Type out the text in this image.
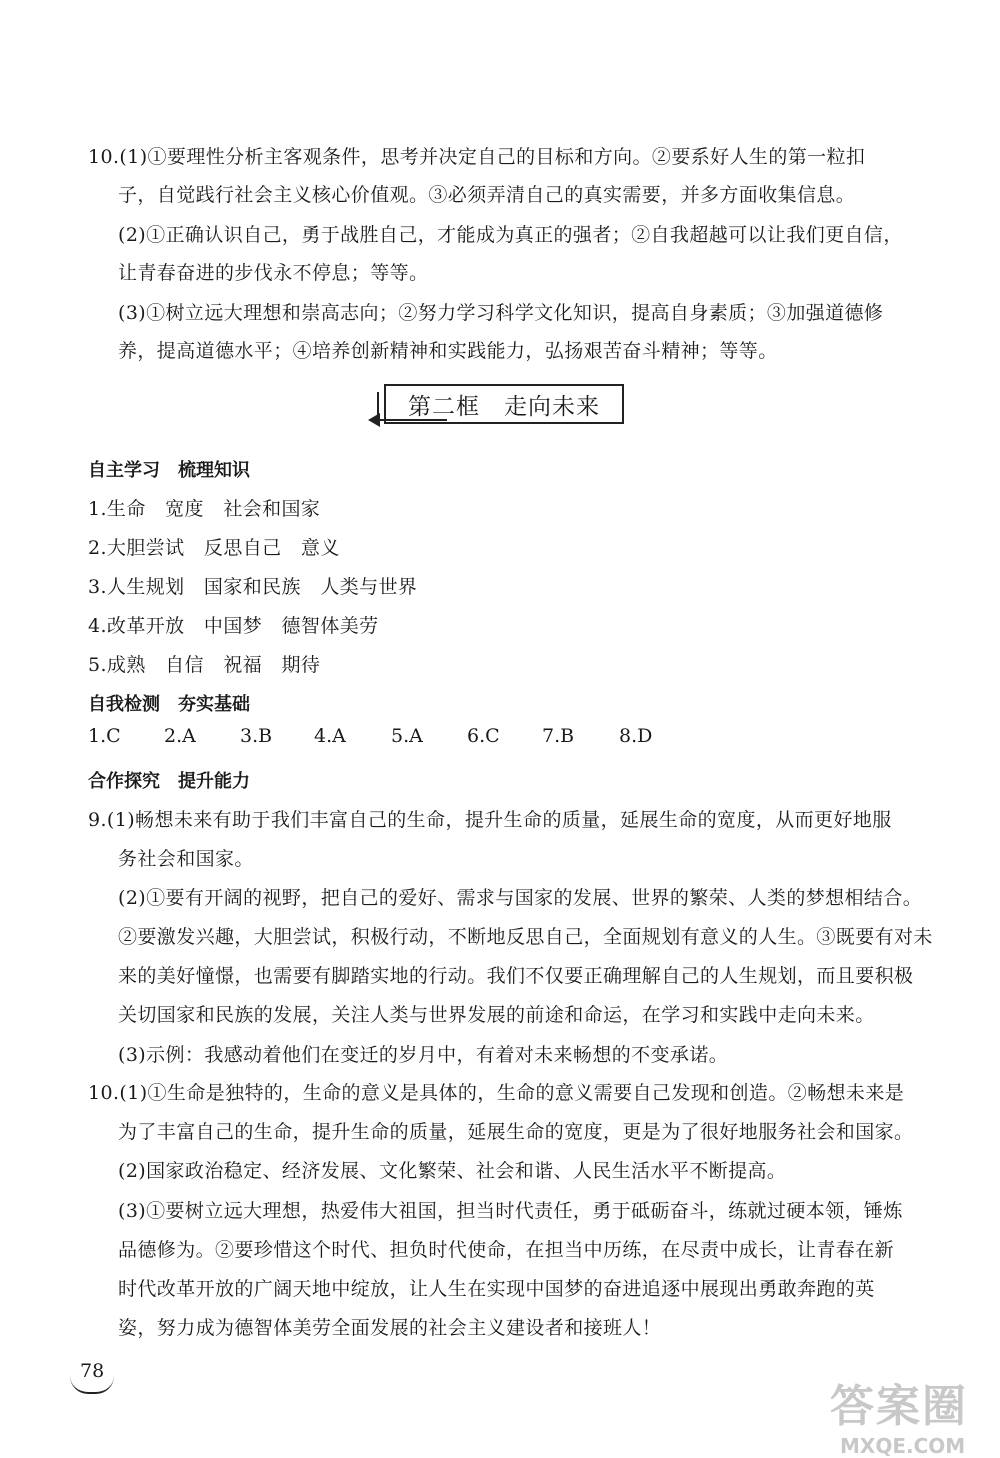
10.(1)①要理性分析主客观条件，思考并决定自己的目标和方向。②要系好人生的第一粒扣
子，自觉践行社会主义核心价值观。③必须弄清自己的真实需要，并多方面收集信息。
(2)①正确认识自己，勇于战胜自己，才能成为真正的强者；②自我超越可以让我们更自信，
让青春奋进的步伐永不停息；等等。
(3)①树立远大理想和崇高志向；②努力学习科学文化知识，提高自身素质；③加强道德修
养，提高道德水平；④培养创新精神和实践能力，弘扬艰苦奋斗精神；等等。
第二框　走向未来
自主学习　梳理知识
1.生命　宽度　社会和国家
2.大胆尝试　反思自己　意义
3.人生规划　国家和民族　人类与世界
4.改革开放　中国梦　德智体美劳
5.成熟　自信　祝福　期待
自我检测　夯实基础
1.C 2.A 3.B 4.A 5.A 6.C 7.B 8.D
合作探究　提升能力
9.(1)畅想未来有助于我们丰富自己的生命，提升生命的质量，延展生命的宽度，从而更好地服
务社会和国家。
(2)①要有开阔的视野，把自己的爱好、需求与国家的发展、世界的繁荣、人类的梦想相结合。
②要激发兴趣，大胆尝试，积极行动，不断地反思自己，全面规划有意义的人生。③既要有对未
来的美好憧憬，也需要有脚踏实地的行动。我们不仅要正确理解自己的人生规划，而且要积极
关切国家和民族的发展，关注人类与世界发展的前途和命运，在学习和实践中走向未来。
(3)示例：我感动着他们在变迁的岁月中，有着对未来畅想的不变承诺。
10.(1)①生命是独特的，生命的意义是具体的，生命的意义需要自己发现和创造。②畅想未来是
为了丰富自己的生命，提升生命的质量，延展生命的宽度，更是为了很好地服务社会和国家。
(2)国家政治稳定、经济发展、文化繁荣、社会和谐、人民生活水平不断提高。
(3)①要树立远大理想，热爱伟大祖国，担当时代责任，勇于砥砺奋斗，练就过硬本领，锤炼
品德修为。②要珍惜这个时代、担负时代使命，在担当中历练，在尽责中成长，让青春在新
时代改革开放的广阔天地中绽放，让人生在实现中国梦的奋进追逐中展现出勇敢奔跑的英
姿，努力成为德智体美劳全面发展的社会主义建设者和接班人！
78
答案圈
MXQE.COM
